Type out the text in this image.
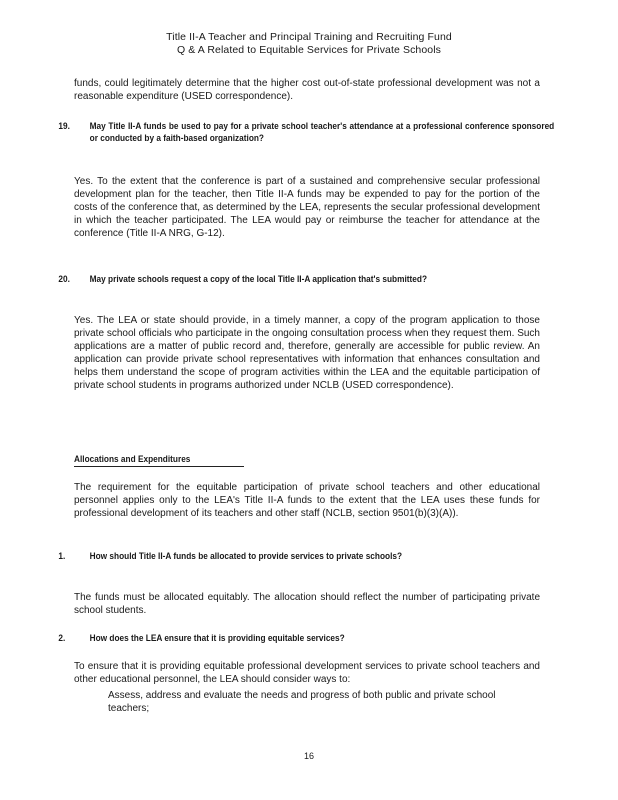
Title II-A Teacher and Principal Training and Recruiting Fund
Q & A Related to Equitable Services for Private Schools
funds, could legitimately determine that the higher cost out-of-state professional development was not a reasonable expenditure (USED correspondence).
19. May Title II-A funds be used to pay for a private school teacher's attendance at a professional conference sponsored or conducted by a faith-based organization?
Yes. To the extent that the conference is part of a sustained and comprehensive secular professional development plan for the teacher, then Title II-A funds may be expended to pay for the portion of the costs of the conference that, as determined by the LEA, represents the secular professional development in which the teacher participated. The LEA would pay or reimburse the teacher for attendance at the conference (Title II-A NRG, G-12).
20. May private schools request a copy of the local Title II-A application that's submitted?
Yes. The LEA or state should provide, in a timely manner, a copy of the program application to those private school officials who participate in the ongoing consultation process when they request them. Such applications are a matter of public record and, therefore, generally are accessible for public review. An application can provide private school representatives with information that enhances consultation and helps them understand the scope of program activities within the LEA and the equitable participation of private school students in programs authorized under NCLB (USED correspondence).
Allocations and Expenditures
The requirement for the equitable participation of private school teachers and other educational personnel applies only to the LEA's Title II-A funds to the extent that the LEA uses these funds for professional development of its teachers and other staff (NCLB, section 9501(b)(3)(A)).
1.	How should Title II-A funds be allocated to provide services to private schools?
The funds must be allocated equitably. The allocation should reflect the number of participating private school students.
2.	How does the LEA ensure that it is providing equitable services?
To ensure that it is providing equitable professional development services to private school teachers and other educational personnel, the LEA should consider ways to:
Assess, address and evaluate the needs and progress of both public and private school teachers;
16
